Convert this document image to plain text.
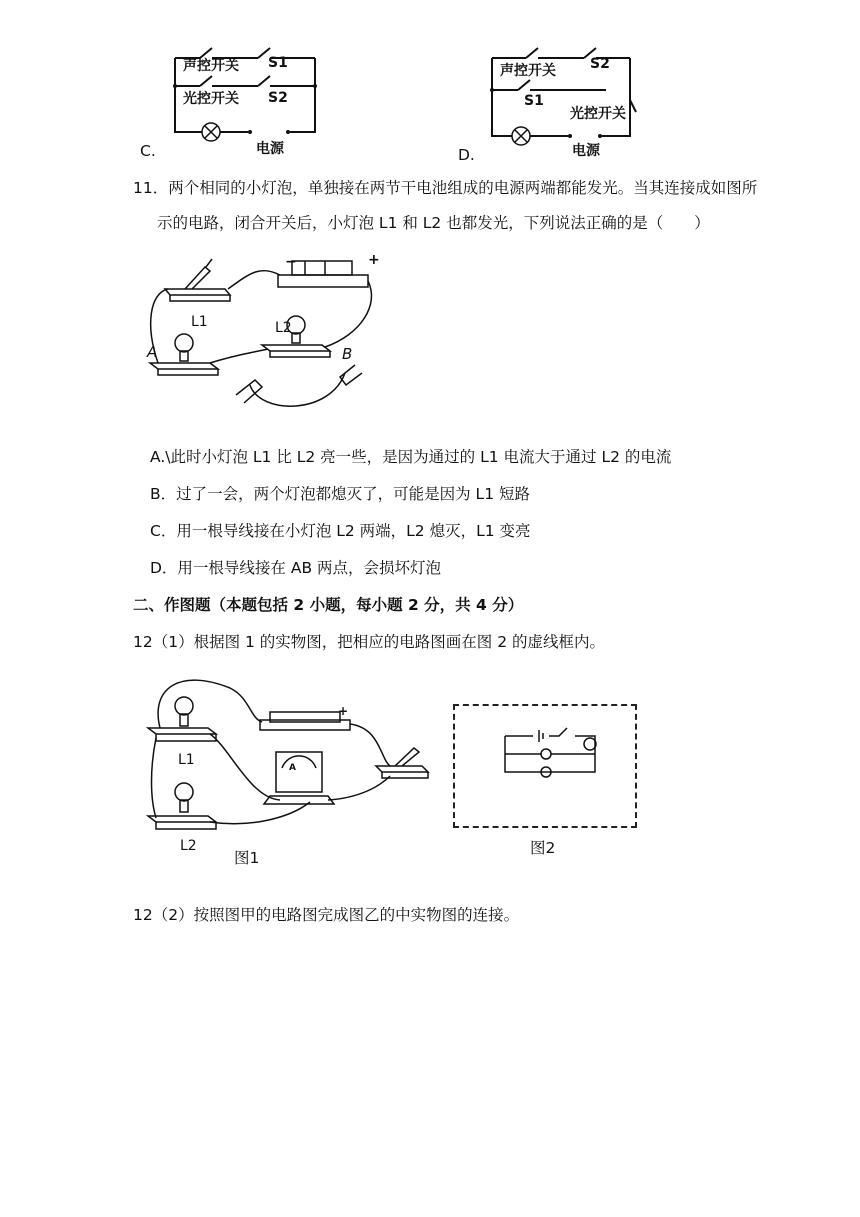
C.
声控开关 S1
光控开关 S2
电源	D.
声控开关 S2
S1
光控开关
电源
11．两个相同的小灯泡，单独接在两节干电池组成的电源两端都能发光。当其连接成如图所
示的电路，闭合开关后，小灯泡 L1 和 L2 也都发光，下列说法正确的是（　　）
L1	L2
A	B
−	+
A.\此时小灯泡 L1 比 L2 亮一些，是因为通过的 L1 电流大于通过 L2 的电流
B．过了一会，两个灯泡都熄灭了，可能是因为 L1 短路
C．用一根导线接在小灯泡 L2 两端，L2 熄灭，L1 变亮
D．用一根导线接在 AB 两点，会损坏灯泡
二、作图题（本题包括 2 小题，每小题 2 分，共 4 分）
12（1）根据图 1 的实物图，把相应的电路图画在图 2 的虚线框内。
L1
L2
A
+
图1
图2
12（2）按照图甲的电路图完成图乙的中实物图的连接。
